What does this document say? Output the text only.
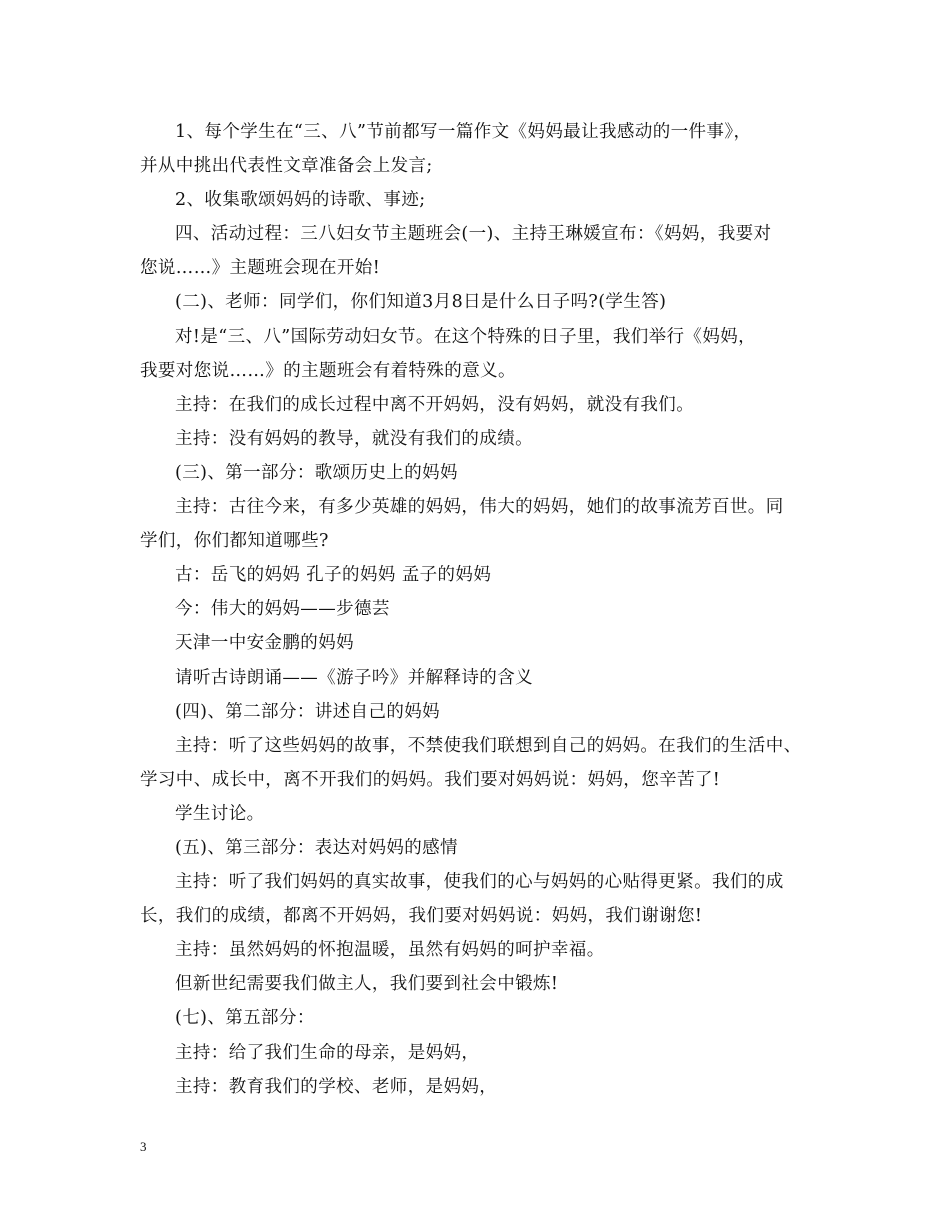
1、每个学生在“三、八”节前都写一篇作文《妈妈最让我感动的一件事》，
并从中挑出代表性文章准备会上发言;
2、收集歌颂妈妈的诗歌、事迹;
四、活动过程：三八妇女节主题班会(一)、主持王琳媛宣布：《妈妈，我要对
您说……》主题班会现在开始!
(二)、老师：同学们，你们知道3月8日是什么日子吗?(学生答)
对!是“三、八”国际劳动妇女节。在这个特殊的日子里，我们举行《妈妈，
我要对您说……》的主题班会有着特殊的意义。
主持：在我们的成长过程中离不开妈妈，没有妈妈，就没有我们。
主持：没有妈妈的教导，就没有我们的成绩。
(三)、第一部分：歌颂历史上的妈妈
主持：古往今来，有多少英雄的妈妈，伟大的妈妈，她们的故事流芳百世。同
学们，你们都知道哪些?
古：岳飞的妈妈 孔子的妈妈 孟子的妈妈
今：伟大的妈妈——步德芸
天津一中安金鹏的妈妈
请听古诗朗诵——《游子吟》并解释诗的含义
(四)、第二部分：讲述自己的妈妈
主持：听了这些妈妈的故事，不禁使我们联想到自己的妈妈。在我们的生活中、
学习中、成长中，离不开我们的妈妈。我们要对妈妈说：妈妈，您辛苦了!
学生讨论。
(五)、第三部分：表达对妈妈的感情
主持：听了我们妈妈的真实故事，使我们的心与妈妈的心贴得更紧。我们的成
长，我们的成绩，都离不开妈妈，我们要对妈妈说：妈妈，我们谢谢您!
主持：虽然妈妈的怀抱温暖，虽然有妈妈的呵护幸福。
但新世纪需要我们做主人，我们要到社会中锻炼!
(七)、第五部分：
主持：给了我们生命的母亲，是妈妈，
主持：教育我们的学校、老师，是妈妈，
3
